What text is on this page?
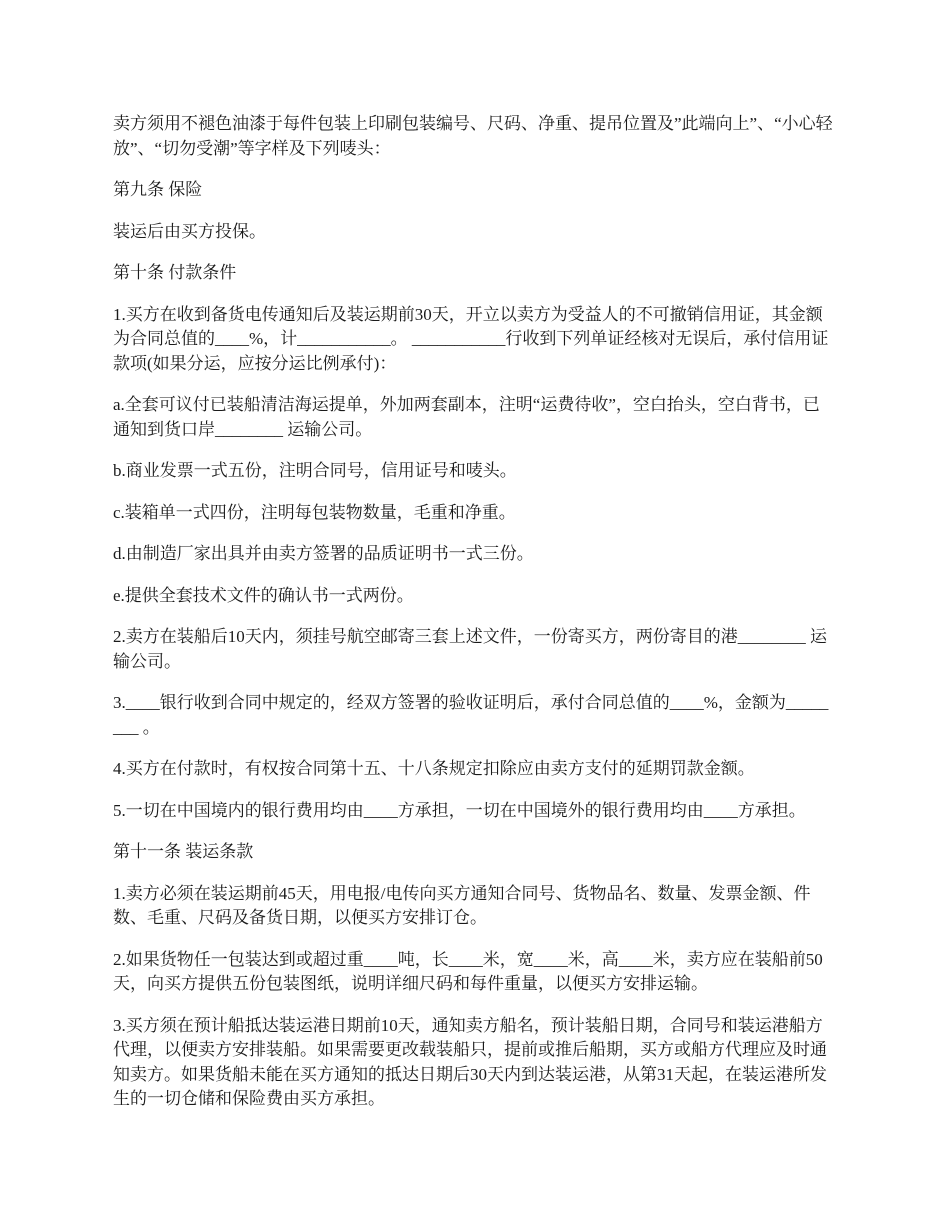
卖方须用不褪色油漆于每件包装上印刷包装编号、尺码、净重、提吊位置及”此端向上”、“小心轻放”、“切勿受潮”等字样及下列唛头：

第九条 保险

装运后由买方投保。

第十条 付款条件

1.买方在收到备货电传通知后及装运期前30天，开立以卖方为受益人的不可撤销信用证，其金额为合同总值的____%，计___________。 ___________行收到下列单证经核对无误后，承付信用证款项(如果分运，应按分运比例承付)：

a.全套可议付已装船清洁海运提单，外加两套副本，注明“运费待收”，空白抬头，空白背书，已通知到货口岸________ 运输公司。

b.商业发票一式五份，注明合同号，信用证号和唛头。

c.装箱单一式四份，注明每包装物数量，毛重和净重。

d.由制造厂家出具并由卖方签署的品质证明书一式三份。

e.提供全套技术文件的确认书一式两份。

2.卖方在装船后10天内，须挂号航空邮寄三套上述文件，一份寄买方，两份寄目的港________ 运输公司。

3.____银行收到合同中规定的，经双方签署的验收证明后，承付合同总值的____%，金额为________ 。

4.买方在付款时，有权按合同第十五、十八条规定扣除应由卖方支付的延期罚款金额。

5.一切在中国境内的银行费用均由____方承担，一切在中国境外的银行费用均由____方承担。

第十一条 装运条款

1.卖方必须在装运期前45天，用电报/电传向买方通知合同号、货物品名、数量、发票金额、件数、毛重、尺码及备货日期，以便买方安排订仓。

2.如果货物任一包装达到或超过重____吨，长____米，宽____米，高____米，卖方应在装船前50天，向买方提供五份包装图纸，说明详细尺码和每件重量，以便买方安排运输。

3.买方须在预计船抵达装运港日期前10天，通知卖方船名，预计装船日期，合同号和装运港船方代理，以便卖方安排装船。如果需要更改载装船只，提前或推后船期，买方或船方代理应及时通知卖方。如果货船未能在买方通知的抵达日期后30天内到达装运港，从第31天起，在装运港所发生的一切仓储和保险费由买方承担。
